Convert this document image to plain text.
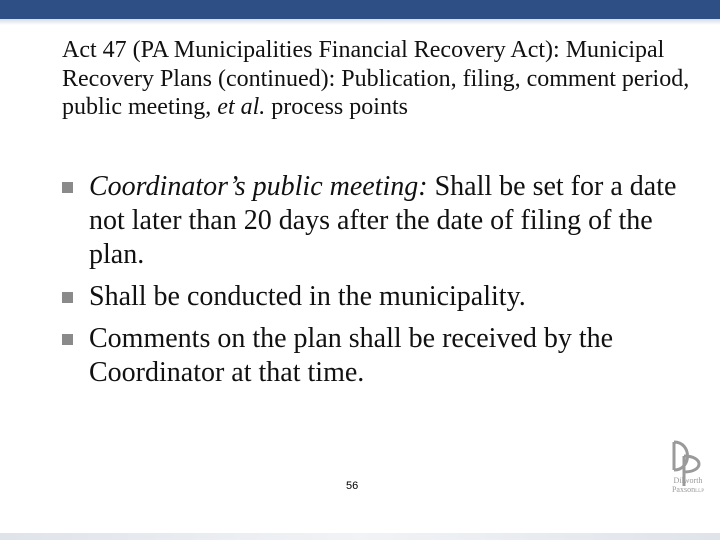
Act 47 (PA Municipalities Financial Recovery Act): Municipal Recovery Plans (continued): Publication, filing, comment period, public meeting, et al. process points
Coordinator’s public meeting: Shall be set for a date not later than 20 days after the date of filing of the plan.
Shall be conducted in the municipality.
Comments on the plan shall be received by the Coordinator at that time.
56	Dilworth
PaxsonLLP
